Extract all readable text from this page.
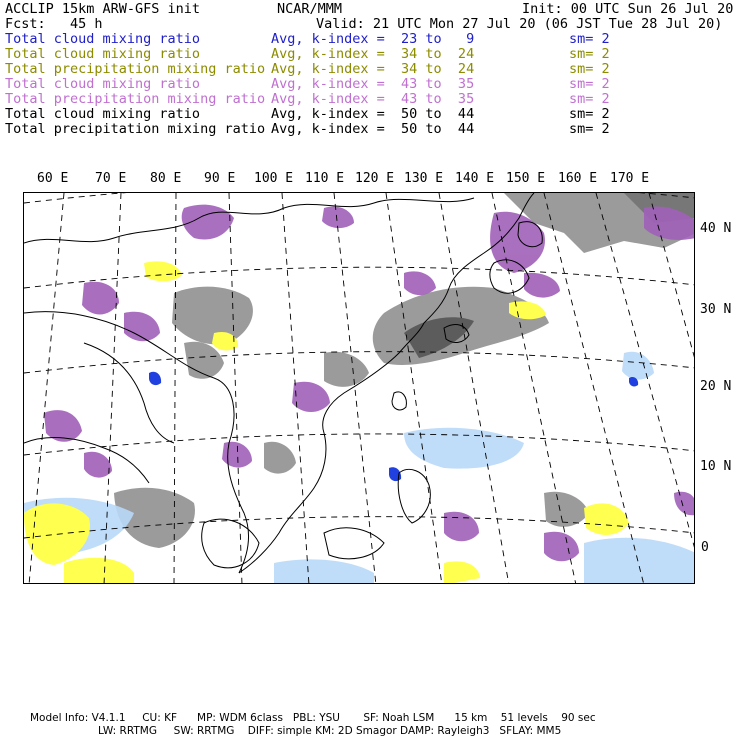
ACCLIP 15km ARW-GFS init	NCAR/MMM	Init: 00 UTC Sun 26 Jul 20
Fcst:   45 h	Valid: 21 UTC Mon 27 Jul 20 (06 JST Tue 28 Jul 20)
Total cloud mixing ratio	Avg, k-index =  23 to   9	sm= 2
Total cloud mixing ratio	Avg, k-index =  34 to  24	sm= 2
Total precipitation mixing ratio Avg, k-index =  34 to  24	sm= 2
Total cloud mixing ratio	Avg, k-index =  43 to  35	sm= 2
Total precipitation mixing ratio Avg, k-index =  43 to  35	sm= 2
Total cloud mixing ratio	Avg, k-index =  50 to  44	sm= 2
Total precipitation mixing ratio Avg, k-index =  50 to  44	sm= 2
60 E 70 E 80 E 90 E 100 E 110 E 120 E 130 E 140 E 150 E 160 E 170 E
40 N
30 N
20 N
10 N
0
Model Info: V4.1.1     CU: KF      MP: WDM 6class   PBL: YSU       SF: Noah LSM      15 km    51 levels    90 sec
LW: RRTMG     SW: RRTMG    DIFF: simple KM: 2D Smagor DAMP: Rayleigh3   SFLAY: MM5
